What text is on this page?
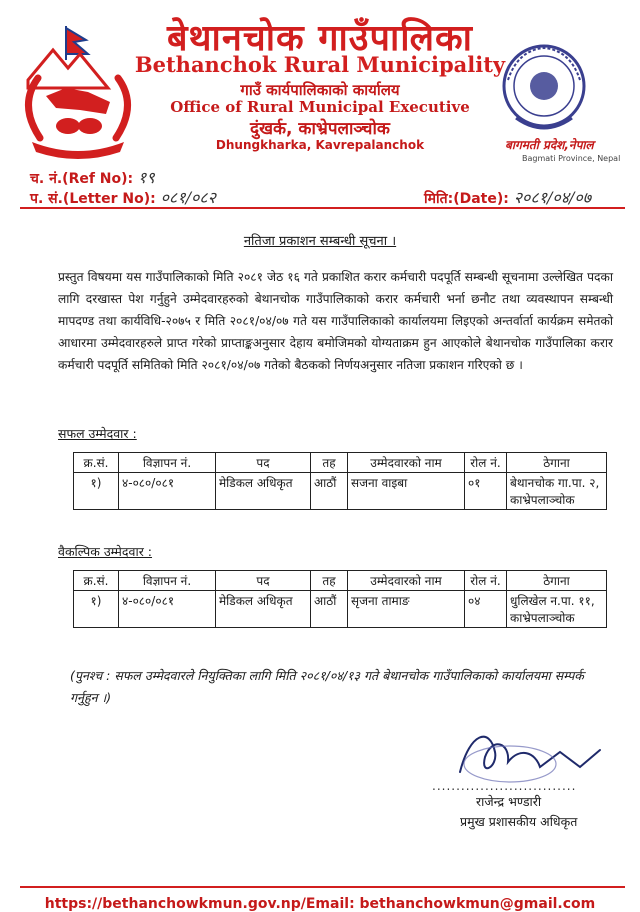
बेथानचोक गाउँपालिका
Bethanchok Rural Municipality
गाउँ कार्यपालिकाको कार्यालय
Office of Rural Municipal Executive
दुंखर्क, काभ्रेपलाञ्चोक
Dhungkharka, Kavrepalanchok	बागमती प्रदेश,नेपाल
Bagmati Province, Nepal
च. नं.(Ref No): १९
प. सं.(Letter No): ०८१/०८२	मिति:(Date): २०८१/०४/०७
नतिजा प्रकाशन सम्बन्धी सूचना ।
प्रस्तुत विषयमा यस गाउँपालिकाको मिति २०८१ जेठ १६ गते प्रकाशित करार कर्मचारी पदपूर्ति सम्बन्धी सूचनामा उल्लेखित पदका लागि दरखास्त पेश गर्नुहुने उम्मेदवारहरुको बेथानचोक गाउँपालिकाको करार कर्मचारी भर्ना छनौट तथा व्यवस्थापन सम्बन्धी मापदण्ड तथा कार्यविधि-२०७५ र मिति २०८१/०४/०७ गते यस गाउँपालिकाको कार्यालयमा लिइएको अन्तर्वार्ता कार्यक्रम समेतको आधारमा उम्मेदवारहरुले प्राप्त गरेको प्राप्ताङ्कअनुसार देहाय बमोजिमको योग्यताक्रम हुन आएकोले बेथानचोक गाउँपालिका करार कर्मचारी पदपूर्ति समितिको मिति २०८१/०४/०७ गतेको बैठकको निर्णयअनुसार नतिजा प्रकाशन गरिएको छ ।
सफल उम्मेदवार :
क्र.सं.	विज्ञापन नं.	पद	तह	उम्मेदवारको नाम	रोल नं.	ठेगाना
१)	४-०८०/०८१	मेडिकल अधिकृत	आठौं	सजना वाइबा	०१	बेथानचोक गा.पा. २, काभ्रेपलाञ्चोक
वैकल्पिक उम्मेदवार :
क्र.सं.	विज्ञापन नं.	पद	तह	उम्मेदवारको नाम	रोल नं.	ठेगाना
१)	४-०८०/०८१	मेडिकल अधिकृत	आठौं	सृजना तामाङ	०४	धुलिखेल न.पा. ११, काभ्रेपलाञ्चोक
(पुनश्च : सफल उम्मेदवारले नियुक्तिका लागि मिति २०८१/०४/१३ गते बेथानचोक गाउँपालिकाको कार्यालयमा सम्पर्क गर्नुहुन ।)
..............................
राजेन्द्र भण्डारी
प्रमुख प्रशासकीय अधिकृत
https://bethanchowkmun.gov.np/Email: bethanchowkmun@gmail.com
